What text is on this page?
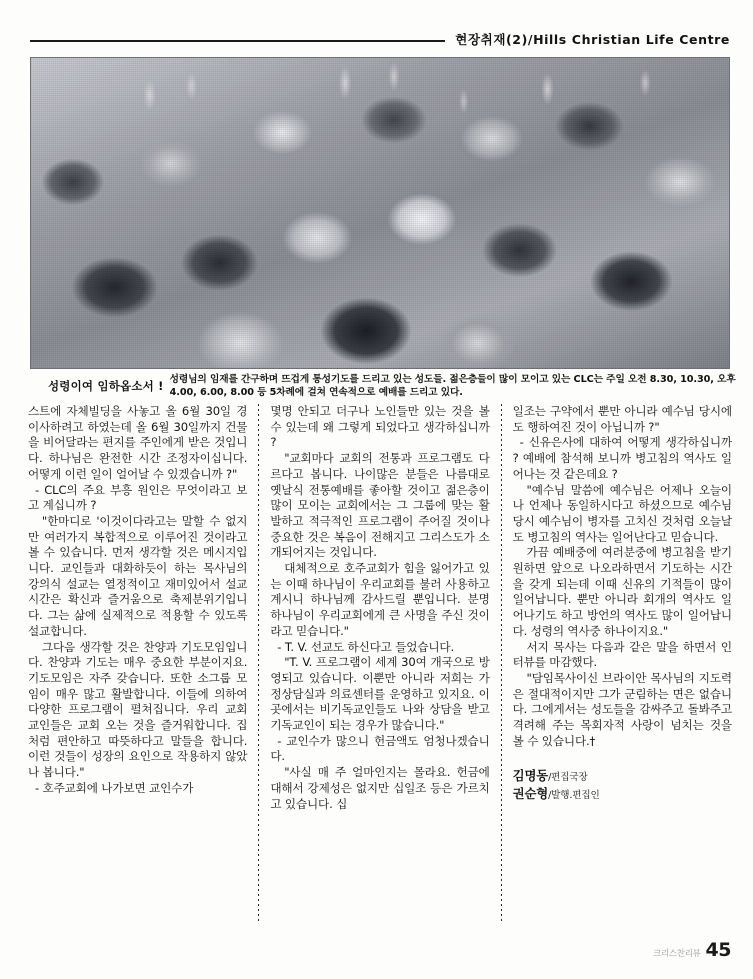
현장취재(2)/Hills Christian Life Centre
성령이여 임하옵소서 ! 성령님의 임재를 간구하며 뜨겁게 통성기도를 드리고 있는 성도들. 젊은층들이 많이 모이고 있는 CLC는 주일 오전 8.30, 10.30, 오후 4.00, 6.00, 8.00 등 5차례에 걸쳐 연속적으로 예배를 드리고 있다.

스트에 자체빌딩을 사놓고 올 6월 30일 경 이사하려고 하였는데 올 6월 30일까지 건물을 비어달라는 편지를 주인에게 받은 것입니다. 하나님은 완전한 시간 조정자이십니다. 어떻게 이런 일이 얼어날 수 있겠습니까 ?"

- CLC의 주요 부흥 원인은 무엇이라고 보고 계십니까 ?

"한마디로 '이것이다라고는 말할 수 없지만 여러가지 복합적으로 이루어진 것이라고 볼 수 있습니다. 먼저 생각할 것은 메시지입니다. 교인들과 대화하듯이 하는 목사님의 강의식 설교는 열정적이고 재미있어서 설교시간은 확신과 즐거움으로 축제분위기입니다. 그는 삶에 실제적으로 적용할 수 있도록 설교합니다.

그다음 생각할 것은 찬양과 기도모임입니다. 찬양과 기도는 매우 중요한 부분이지요. 기도모임은 자주 갖습니다. 또한 소그룹 모임이 매우 많고 활발합니다. 이들에 의하여 다양한 프로그램이 펼쳐집니다. 우리 교회 교인들은 교회 오는 것을 즐거워합니다. 집처럼 편안하고 따뜻하다고 말들을 합니다. 이런 것들이 성장의 요인으로 작용하지 않았나 봅니다."

- 호주교회에 나가보면 교인수가

몇명 안되고 더구나 노인들만 있는 것을 볼 수 있는데 왜 그렇게 되었다고 생각하십니까 ?

"교회마다 교회의 전통과 프로그램도 다르다고 봅니다. 나이많은 분들은 나름대로 옛날식 전통예배를 좋아할 것이고 젊은층이 많이 모이는 교회에서는 그 그룹에 맞는 활발하고 적극적인 프로그램이 주어질 것이나 중요한 것은 복음이 전해지고 그리스도가 소개되어지는 것입니다.

대체적으로 호주교회가 힘을 잃어가고 있는 이때 하나님이 우리교회를 불러 사용하고 계시니 하나님께 감사드릴 뿐입니다. 분명 하나님이 우리교회에게 큰 사명을 주신 것이라고 믿습니다."

- T. V. 선교도 하신다고 들었습니다.

"T. V. 프로그램이 세계 30여 개국으로 방영되고 있습니다. 이뿐만 아니라 저희는 가정상담실과 의료센터를 운영하고 있지요. 이곳에서는 비기독교인들도 나와 상담을 받고 기독교인이 되는 경우가 많습니다."

- 교인수가 많으니 헌금액도 엄청나겠습니다.

"사실 매 주 얼마인지는 몰라요. 헌금에 대해서 강제성은 없지만 십일조 등은 가르치고 있습니다. 십

일조는 구약에서 뿐만 아니라 예수님 당시에도 행하여진 것이 아닙니까 ?"

- 신유은사에 대하여 어떻게 생각하십니까 ? 예배에 참석해 보니까 병고침의 역사도 일어나는 것 같은데요 ?

"예수님 말씀에 예수님은 어제나 오늘이나 언제나 동일하시다고 하셨으므로 예수님 당시 예수님이 병자를 고치신 것처럼 오늘날도 병고침의 역사는 일어난다고 믿습니다.

가끔 예배중에 여러분중에 병고침을 받기 원하면 앞으로 나오라하면서 기도하는 시간을 갖게 되는데 이때 신유의 기적들이 많이 일어납니다. 뿐만 아니라 회개의 역사도 일어나기도 하고 방언의 역사도 많이 일어납니다. 성령의 역사중 하나이지요."

서지 목사는 다음과 같은 말을 하면서 인터뷰를 마감했다.

"담임목사이신 브라이안 목사님의 지도력은 절대적이지만 그가 군림하는 면은 없습니다. 그에게서는 성도들을 감싸주고 돌봐주고 격려해 주는 목회자적 사랑이 넘치는 것을 볼 수 있습니다.†

김명동/편집국장
권순형/발행.편집인
크리스찬리뷰 45
